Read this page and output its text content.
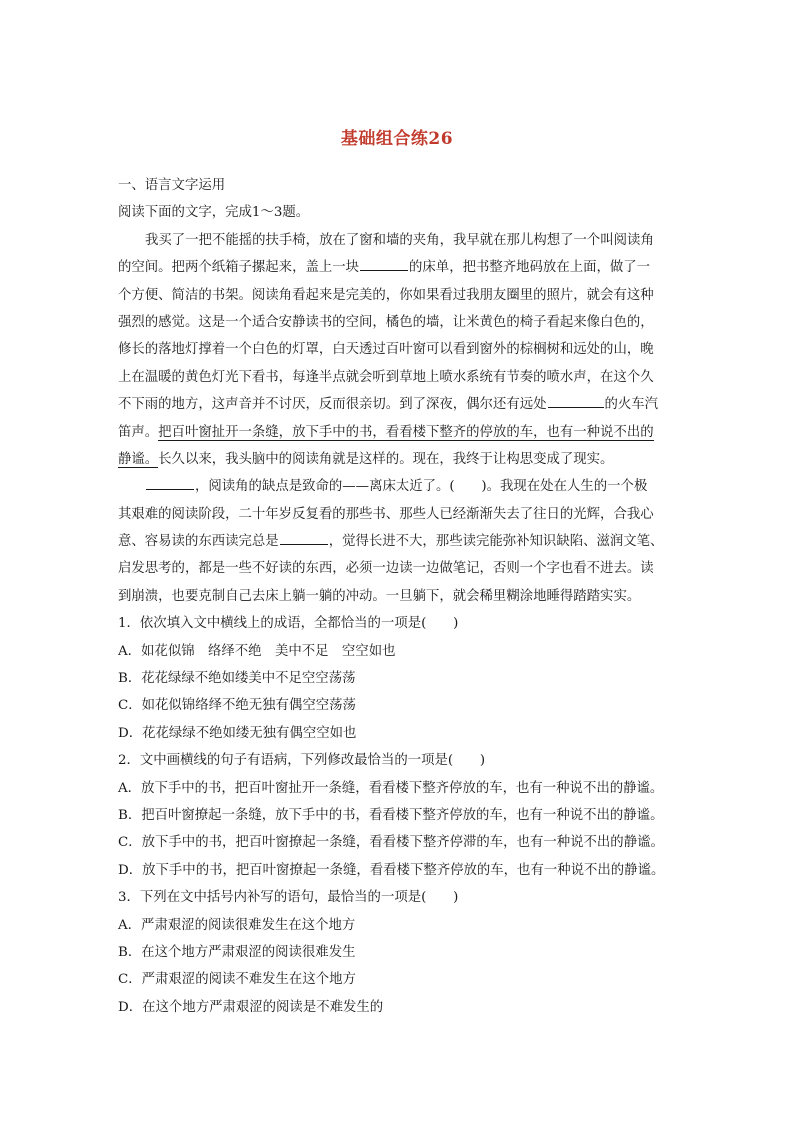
基础组合练26
一、语言文字运用
阅读下面的文字，完成1～3题。
我买了一把不能摇的扶手椅，放在了窗和墙的夹角，我早就在那儿构想了一个叫阅读角
的空间。把两个纸箱子摞起来，盖上一块	的床单，把书整齐地码放在上面，做了一
个方便、简洁的书架。阅读角看起来是完美的，你如果看过我朋友圈里的照片，就会有这种
强烈的感觉。这是一个适合安静读书的空间，橘色的墙，让米黄色的椅子看起来像白色的，
修长的落地灯撑着一个白色的灯罩，白天透过百叶窗可以看到窗外的棕榈树和远处的山，晚
上在温暖的黄色灯光下看书，每逢半点就会听到草地上喷水系统有节奏的喷水声，在这个久
不下雨的地方，这声音并不讨厌，反而很亲切。到了深夜，偶尔还有远处	的火车汽
笛声。把百叶窗扯开一条缝，放下手中的书，看看楼下整齐的停放的车，也有一种说不出的
静谧。长久以来，我头脑中的阅读角就是这样的。现在，我终于让构思变成了现实。
，阅读角的缺点是致命的——离床太近了。(　　)。我现在处在人生的一个极
其艰难的阅读阶段，二十年岁反复看的那些书、那些人已经渐渐失去了往日的光辉，合我心
意、容易读的东西读完总是	，觉得长进不大，那些读完能弥补知识缺陷、滋润文笔、
启发思考的，都是一些不好读的东西，必须一边读一边做笔记，否则一个字也看不进去。读
到崩溃，也要克制自己去床上躺一躺的冲动。一旦躺下，就会稀里糊涂地睡得踏踏实实。
1．依次填入文中横线上的成语，全都恰当的一项是(　　)
A．如花似锦　络绎不绝　美中不足　空空如也
B．花花绿绿不绝如缕美中不足空空荡荡
C．如花似锦络绎不绝无独有偶空空荡荡
D．花花绿绿不绝如缕无独有偶空空如也
2．文中画横线的句子有语病，下列修改最恰当的一项是(　　)
A．放下手中的书，把百叶窗扯开一条缝，看看楼下整齐停放的车，也有一种说不出的静谧。
B．把百叶窗撩起一条缝，放下手中的书，看看楼下整齐停放的车，也有一种说不出的静谧。
C．放下手中的书，把百叶窗撩起一条缝，看看楼下整齐停滞的车，也有一种说不出的静谧。
D．放下手中的书，把百叶窗撩起一条缝，看看楼下整齐停放的车，也有一种说不出的静谧。
3．下列在文中括号内补写的语句，最恰当的一项是(　　)
A．严肃艰涩的阅读很难发生在这个地方
B．在这个地方严肃艰涩的阅读很难发生
C．严肃艰涩的阅读不难发生在这个地方
D．在这个地方严肃艰涩的阅读是不难发生的
